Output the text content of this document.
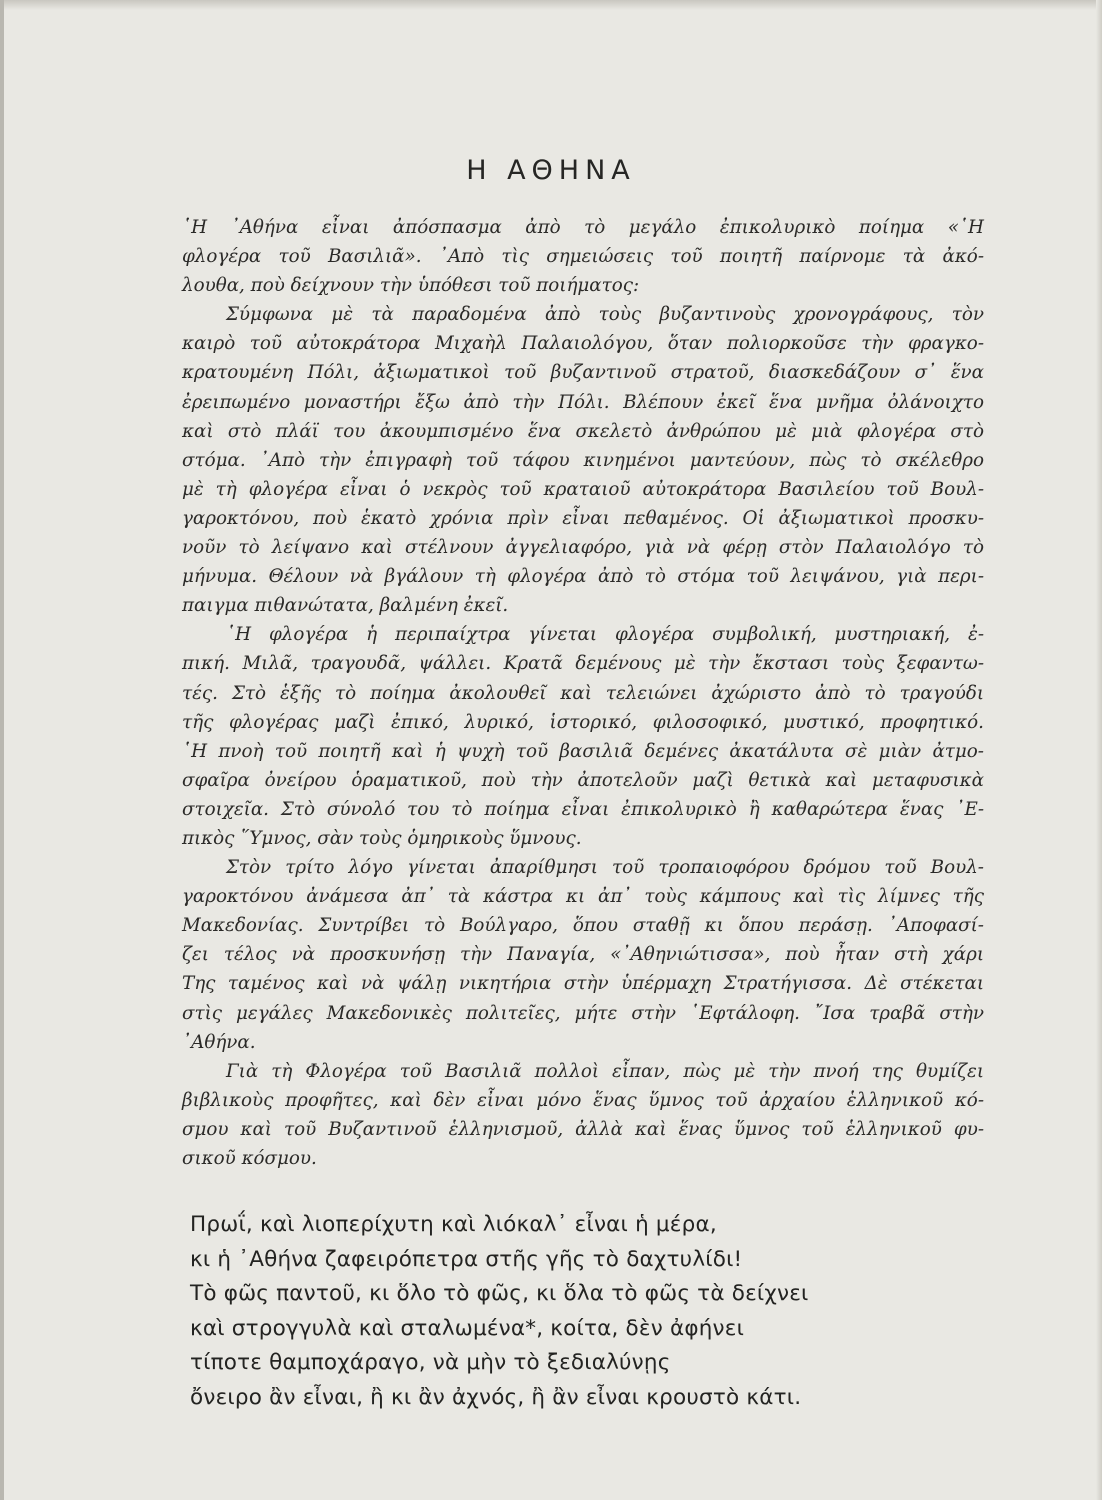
Η ΑΘΗΝΑ
῾Η ᾿Αθήνα εἶναι ἀπόσπασμα ἀπὸ τὸ μεγάλο ἐπικολυρικὸ ποίημα «῾Η
φλογέρα τοῦ Βασιλιᾶ». ᾿Απὸ τὶς σημειώσεις τοῦ ποιητῆ παίρνομε τὰ ἀκό-
λουθα, ποὺ δείχνουν τὴν ὑπόθεσι τοῦ ποιήματος:
Σύμφωνα μὲ τὰ παραδομένα ἀπὸ τοὺς βυζαντινοὺς χρονογράφους, τὸν
καιρὸ τοῦ αὐτοκράτορα Μιχαὴλ Παλαιολόγου, ὅταν πολιορκοῦσε τὴν φραγκο-
κρατουμένη Πόλι, ἀξιωματικοὶ τοῦ βυζαντινοῦ στρατοῦ, διασκεδάζουν σ᾿ ἕνα
ἐρειπωμένο μοναστήρι ἔξω ἀπὸ τὴν Πόλι. Βλέπουν ἐκεῖ ἕνα μνῆμα ὀλάνοιχτο
καὶ στὸ πλάϊ του ἀκουμπισμένο ἕνα σκελετὸ ἀνθρώπου μὲ μιὰ φλογέρα στὸ
στόμα. ᾿Απὸ τὴν ἐπιγραφὴ τοῦ τάφου κινημένοι μαντεύουν, πὼς τὸ σκέλεθρο
μὲ τὴ φλογέρα εἶναι ὁ νεκρὸς τοῦ κραταιοῦ αὐτοκράτορα Βασιλείου τοῦ Βουλ-
γαροκτόνου, ποὺ ἑκατὸ χρόνια πρὶν εἶναι πεθαμένος. Οἱ ἀξιωματικοὶ προσκυ-
νοῦν τὸ λείψανο καὶ στέλνουν ἀγγελιαφόρο, γιὰ νὰ φέρῃ στὸν Παλαιολόγο τὸ
μήνυμα. Θέλουν νὰ βγάλουν τὴ φλογέρα ἀπὸ τὸ στόμα τοῦ λειψάνου, γιὰ περι-
παιγμα πιθανώτατα, βαλμένη ἐκεῖ.
῾Η φλογέρα ἡ περιπαίχτρα γίνεται φλογέρα συμβολική, μυστηριακή, ἐ-
πική. Μιλᾶ, τραγουδᾶ, ψάλλει. Κρατᾶ δεμένους μὲ τὴν ἔκστασι τοὺς ξεφαντω-
τές. Στὸ ἑξῆς τὸ ποίημα ἀκολουθεῖ καὶ τελειώνει ἀχώριστο ἀπὸ τὸ τραγούδι
τῆς φλογέρας μαζὶ ἐπικό, λυρικό, ἱστορικό, φιλοσοφικό, μυστικό, προφητικό.
῾Η πνοὴ τοῦ ποιητῆ καὶ ἡ ψυχὴ τοῦ βασιλιᾶ δεμένες ἀκατάλυτα σὲ μιὰν ἀτμο-
σφαῖρα ὀνείρου ὁραματικοῦ, ποὺ τὴν ἀποτελοῦν μαζὶ θετικὰ καὶ μεταφυσικὰ
στοιχεῖα. Στὸ σύνολό του τὸ ποίημα εἶναι ἐπικολυρικὸ ἢ καθαρώτερα ἕνας ᾿Ε-
πικὸς ῞Υμνος, σὰν τοὺς ὁμηρικοὺς ὕμνους.
Στὸν τρίτο λόγο γίνεται ἀπαρίθμησι τοῦ τροπαιοφόρου δρόμου τοῦ Βουλ-
γαροκτόνου ἀνάμεσα ἀπ᾿ τὰ κάστρα κι ἀπ᾿ τοὺς κάμπους καὶ τὶς λίμνες τῆς
Μακεδονίας. Συντρίβει τὸ Βούλγαρο, ὅπου σταθῇ κι ὅπου περάσῃ. ᾿Αποφασί-
ζει τέλος νὰ προσκυνήσῃ τὴν Παναγία, «᾿Αθηνιώτισσα», ποὺ ἦταν στὴ χάρι
Της ταμένος καὶ νὰ ψάλῃ νικητήρια στὴν ὑπέρμαχη Στρατήγισσα. Δὲ στέκεται
στὶς μεγάλες Μακεδονικὲς πολιτεῖες, μήτε στὴν ῾Εφτάλοφη. ῎Ισα τραβᾶ στὴν
᾿Αθήνα.
Γιὰ τὴ Φλογέρα τοῦ Βασιλιᾶ πολλοὶ εἶπαν, πὼς μὲ τὴν πνοή της θυμίζει
βιβλικοὺς προφῆτες, καὶ δὲν εἶναι μόνο ἕνας ὕμνος τοῦ ἀρχαίου ἑλληνικοῦ κό-
σμου καὶ τοῦ Βυζαντινοῦ ἑλληνισμοῦ, ἀλλὰ καὶ ἕνας ὕμνος τοῦ ἑλληνικοῦ φυ-
σικοῦ κόσμου.
Πρωΐ, καὶ λιοπερίχυτη καὶ λιόκαλ᾿ εἶναι ἡ μέρα,
κι ἡ ᾿Αθήνα ζαφειρόπετρα στῆς γῆς τὸ δαχτυλίδι!
Τὸ φῶς παντοῦ, κι ὅλο τὸ φῶς, κι ὅλα τὸ φῶς τὰ δείχνει
καὶ στρογγυλὰ καὶ σταλωμένα*, κοίτα, δὲν ἀφήνει
τίποτε θαμποχάραγο, νὰ μὴν τὸ ξεδιαλύνῃς
ὄνειρο ἂν εἶναι, ἢ κι ἂν ἀχνός, ἢ ἂν εἶναι κρουστὸ κάτι.
